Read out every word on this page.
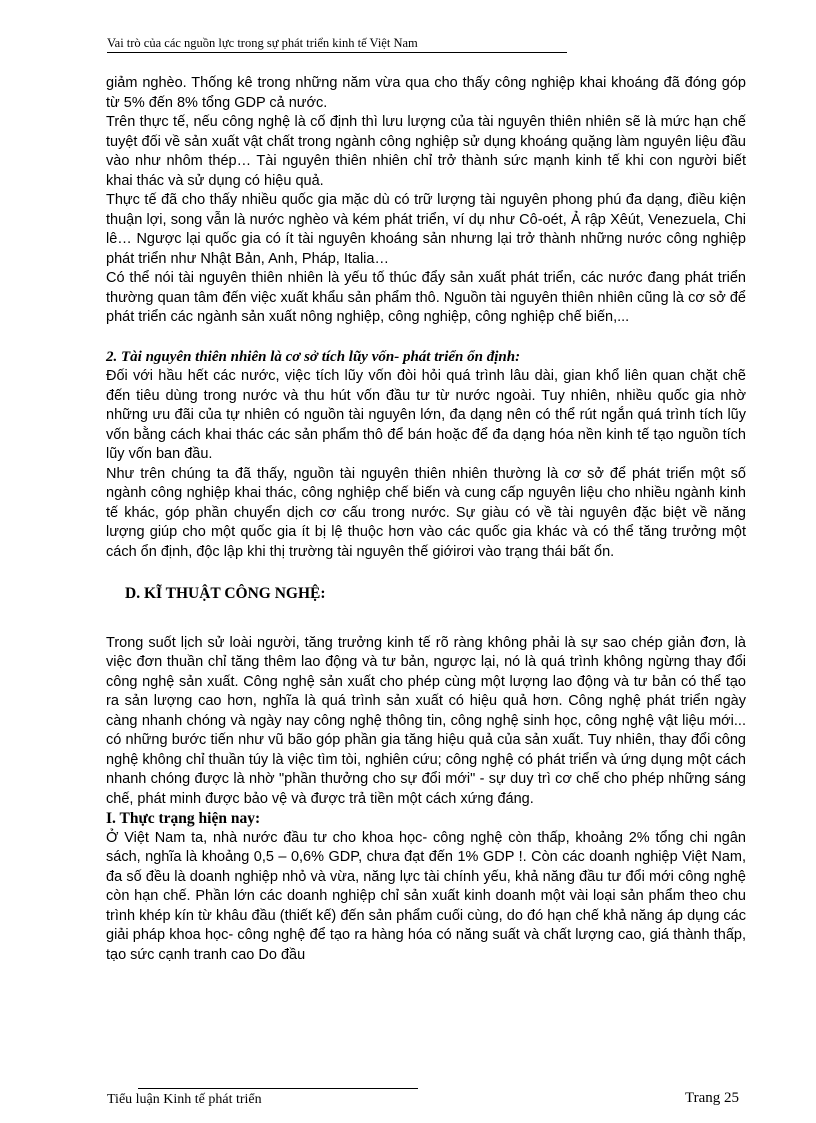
Vai trò của các nguồn lực trong sự phát triển kinh tế Việt Nam

giảm nghèo. Thống kê trong những năm vừa qua cho thấy công nghiệp khai khoáng đã đóng góp từ 5% đến 8% tổng GDP cả nước.

Trên thực tế, nếu công nghệ là cố định thì lưu lượng của tài nguyên thiên nhiên sẽ là mức hạn chế tuyệt đối về sản xuất vật chất trong ngành công nghiệp sử dụng khoáng quặng làm nguyên liệu đầu vào như nhôm thép… Tài nguyên thiên nhiên chỉ trở thành sức mạnh kinh tế khi con người biết khai thác và sử dụng có hiệu quả.

Thực tế đã cho thấy nhiều quốc gia mặc dù có trữ lượng tài nguyên phong phú đa dạng, điều kiện thuận lợi, song vẫn là nước nghèo và kém phát triển, ví dụ như Cô-oét, Ả rập Xêút, Venezuela, Chi lê… Ngược lại quốc gia có ít tài nguyên khoáng sản nhưng lại trở thành những nước công nghiệp phát triển như Nhật Bản, Anh, Pháp, Italia…

Có thể nói tài nguyên thiên nhiên là yếu tố thúc đẩy sản xuất phát triển, các nước đang phát triển thường quan tâm đến việc xuất khẩu sản phẩm thô. Nguồn tài nguyên thiên nhiên cũng là cơ sở để phát triển các ngành sản xuất nông nghiệp, công nghiệp, công nghiệp chế biến,...

2. Tài nguyên thiên nhiên là cơ sở tích lũy vốn- phát triển ổn định:

Đối với hầu hết các nước, việc tích lũy vốn đòi hỏi quá trình lâu dài, gian khổ liên quan chặt chẽ đến tiêu dùng trong nước và thu hút vốn đầu tư từ nước ngoài. Tuy nhiên, nhiều quốc gia nhờ những ưu đãi của tự nhiên có nguồn tài nguyên lớn, đa dạng nên có thể rút ngắn quá trình tích lũy vốn bằng cách khai thác các sản phẩm thô để bán hoặc để đa dạng hóa nền kinh tế tạo nguồn tích lũy vốn ban đầu.

Như trên chúng ta đã thấy, nguồn tài nguyên thiên nhiên thường là cơ sở để phát triển một số ngành công nghiệp khai thác, công nghiệp chế biến và cung cấp nguyên liệu cho nhiều ngành kinh tế khác, góp phần chuyển dịch cơ cấu trong nước. Sự giàu có về tài nguyên đặc biệt về năng lượng giúp cho một quốc gia ít bị lệ thuộc hơn vào các quốc gia khác và có thể tăng trưởng một cách ổn định, độc lập khi thị trường tài nguyên thế giớirơi vào trạng thái bất ổn.

D. KĨ THUẬT CÔNG NGHỆ:

Trong suốt lịch sử loài người, tăng trưởng kinh tế rõ ràng không phải là sự sao chép giản đơn, là việc đơn thuần chỉ tăng thêm lao động và tư bản, ngược lại, nó là quá trình không ngừng thay đổi công nghệ sản xuất. Công nghệ sản xuất cho phép cùng một lượng lao động và tư bản có thể tạo ra sản lượng cao hơn, nghĩa là quá trình sản xuất có hiệu quả hơn. Công nghệ phát triển ngày càng nhanh chóng và ngày nay công nghệ thông tin, công nghệ sinh học, công nghệ vật liệu mới... có những bước tiến như vũ bão góp phần gia tăng hiệu quả của sản xuất. Tuy nhiên, thay đổi công nghệ không chỉ thuần túy là việc tìm tòi, nghiên cứu; công nghệ có phát triển và ứng dụng một cách nhanh chóng được là nhờ "phần thưởng cho sự đổi mới" - sự duy trì cơ chế cho phép những sáng chế, phát minh được bảo vệ và được trả tiền một cách xứng đáng.

I. Thực trạng hiện nay:

Ở Việt Nam ta, nhà nước đầu tư cho khoa học- công nghệ còn thấp, khoảng 2% tổng chi ngân sách, nghĩa là khoảng 0,5 – 0,6% GDP, chưa đạt đến 1% GDP !. Còn các doanh nghiệp Việt Nam, đa số đều là doanh nghiệp nhỏ và vừa, năng lực tài chính yếu, khả năng đầu tư đổi mới công nghệ còn hạn chế. Phần lớn các doanh nghiệp chỉ sản xuất kinh doanh một vài loại sản phẩm theo chu trình khép kín từ khâu đầu (thiết kế) đến sản phẩm cuối cùng, do đó hạn chế khả năng áp dụng các giải pháp khoa học- công nghệ để tạo ra hàng hóa có năng suất và chất lượng cao, giá thành thấp, tạo sức cạnh tranh cao Do đầu

Tiểu luận Kinh tế phát triển	Trang 25
